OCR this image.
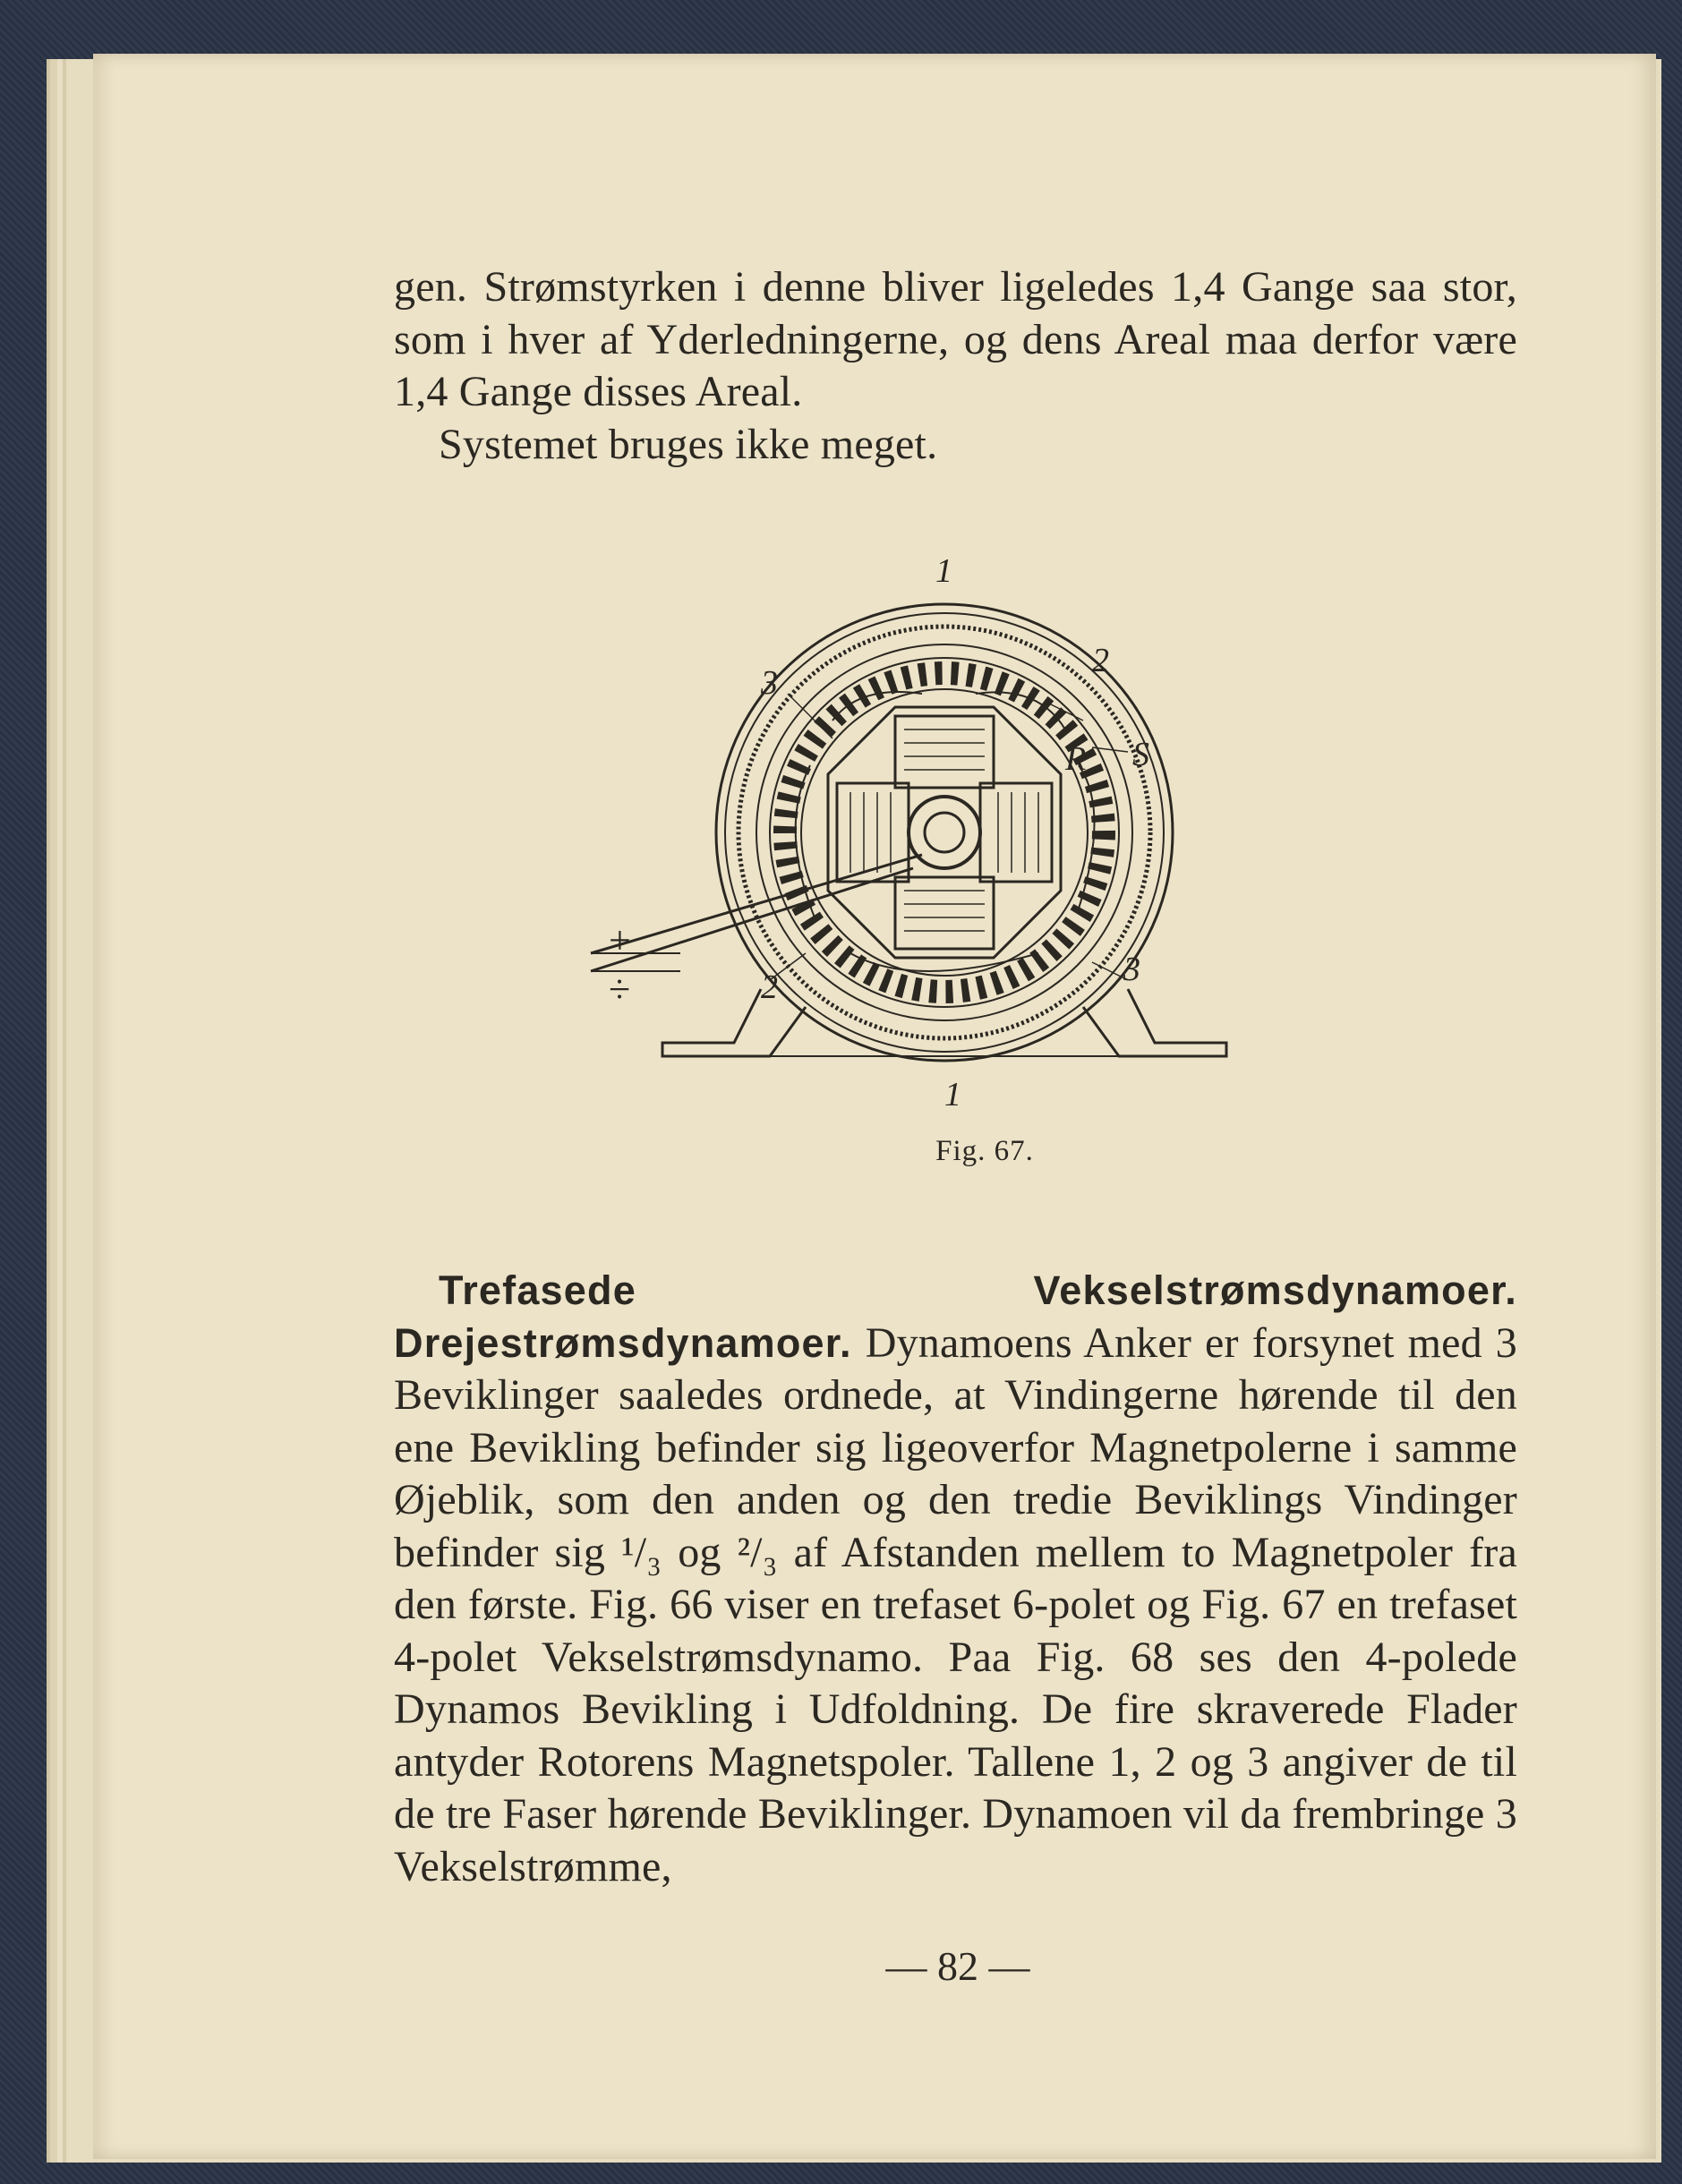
gen. Strømstyrken i denne bliver ligeledes 1,4 Gange saa stor, som i hver af Yderledningerne, og dens Areal maa derfor være 1,4 Gange disses Areal.

Systemet bruges ikke meget.

1
3
2
S
R
3
2
1
+
÷
Fig. 67.

Trefasede Vekselstrømsdynamoer. Drejestrømsdynamoer. Dynamoens Anker er forsynet med 3 Beviklinger saaledes ordnede, at Vindingerne hørende til den ene Bevikling befinder sig ligeoverfor Magnetpolerne i samme Øjeblik, som den anden og den tredie Beviklings Vindinger befinder sig ¹/₃ og ²/₃ af Afstanden mellem to Magnetpoler fra den første. Fig. 66 viser en trefaset 6-polet og Fig. 67 en trefaset 4-polet Vekselstrømsdynamo. Paa Fig. 68 ses den 4-polede Dynamos Bevikling i Udfoldning. De fire skraverede Flader antyder Rotorens Magnetspoler. Tallene 1, 2 og 3 angiver de til de tre Faser hørende Beviklinger. Dynamoen vil da frembringe 3 Vekselstrømme,

— 82 —
